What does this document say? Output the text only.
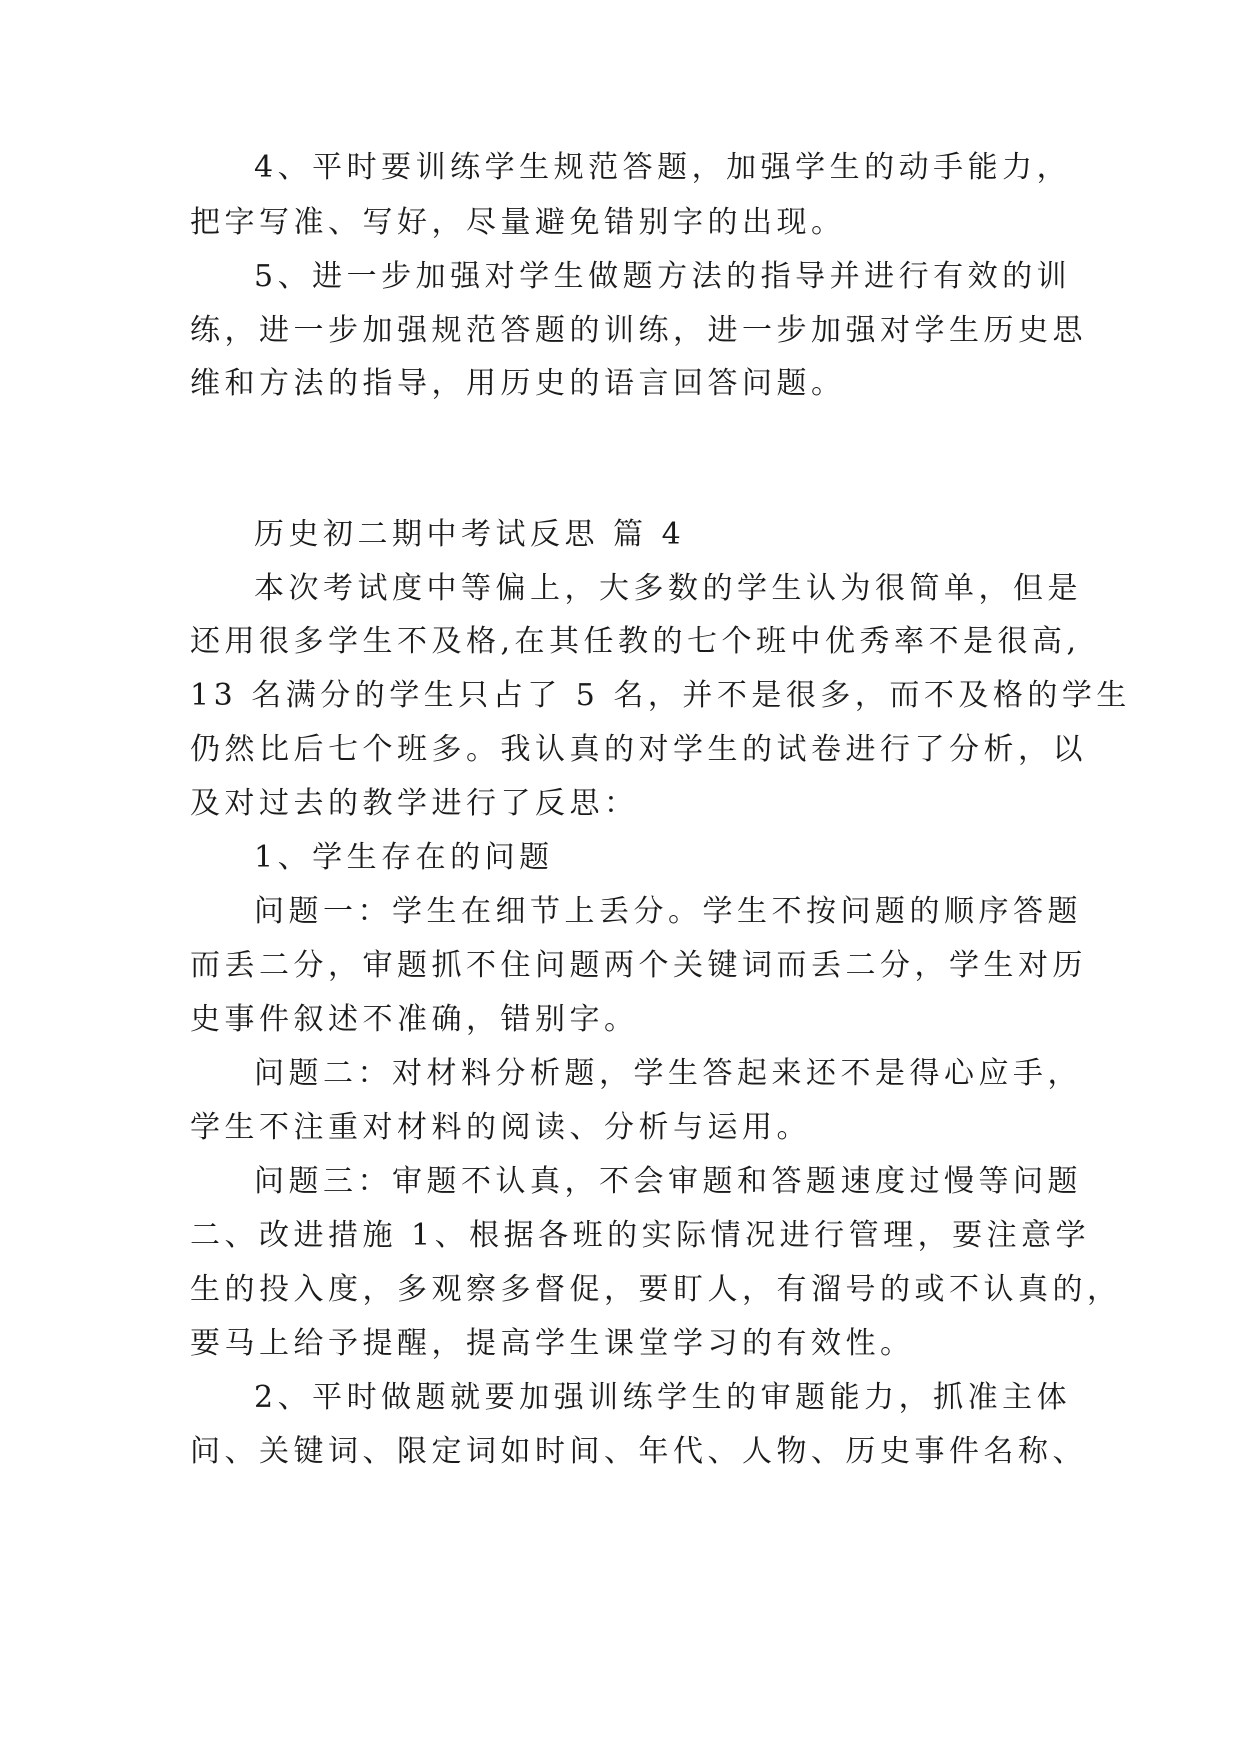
4、平时要训练学生规范答题，加强学生的动手能力，
把字写准、写好，尽量避免错别字的出现。
5、进一步加强对学生做题方法的指导并进行有效的训
练，进一步加强规范答题的训练，进一步加强对学生历史思
维和方法的指导，用历史的语言回答问题。
历史初二期中考试反思 篇 4
本次考试度中等偏上，大多数的学生认为很简单，但是
还用很多学生不及格,在其任教的七个班中优秀率不是很高,
13 名满分的学生只占了 5 名，并不是很多，而不及格的学生
仍然比后七个班多。我认真的对学生的试卷进行了分析，以
及对过去的教学进行了反思：
1、学生存在的问题
问题一：学生在细节上丢分。学生不按问题的顺序答题
而丢二分，审题抓不住问题两个关键词而丢二分，学生对历
史事件叙述不准确，错别字。
问题二：对材料分析题，学生答起来还不是得心应手，
学生不注重对材料的阅读、分析与运用。
问题三：审题不认真，不会审题和答题速度过慢等问题
二、改进措施 1、根据各班的实际情况进行管理，要注意学
生的投入度，多观察多督促，要盯人，有溜号的或不认真的，
要马上给予提醒，提高学生课堂学习的有效性。
2、平时做题就要加强训练学生的审题能力，抓准主体
问、关键词、限定词如时间、年代、人物、历史事件名称、
